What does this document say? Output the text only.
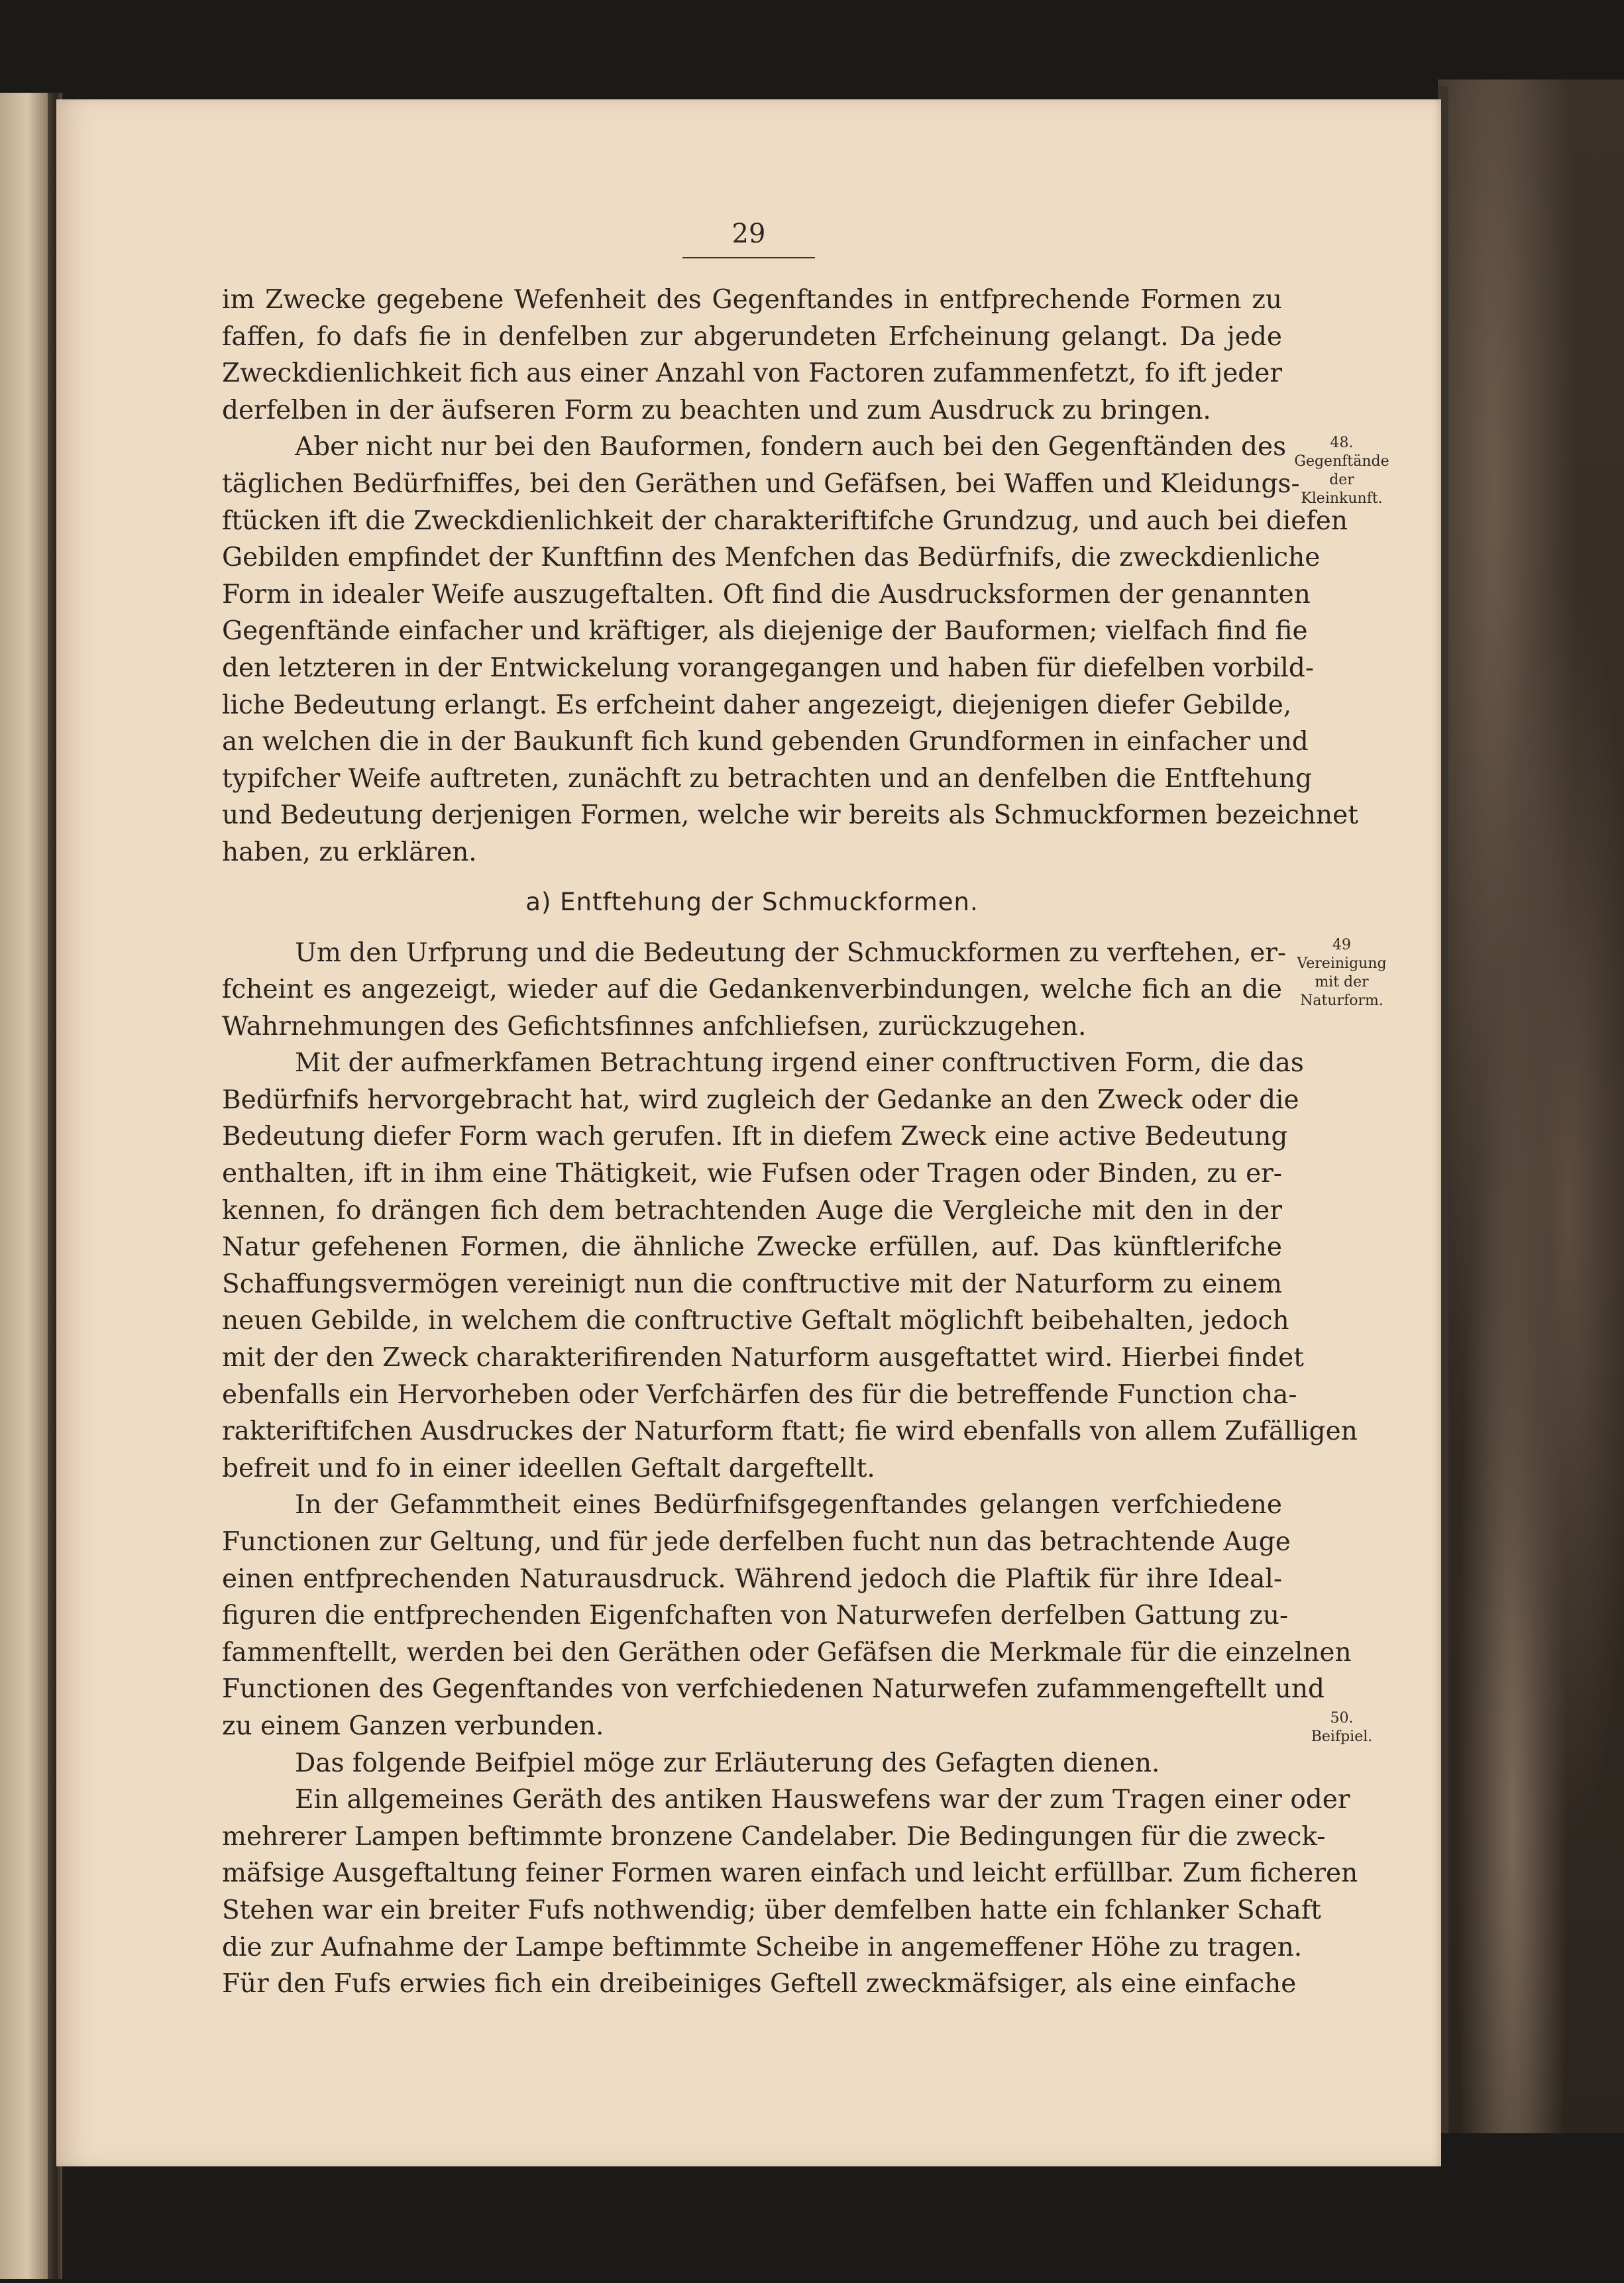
29
im Zwecke gegebene Wefenheit des Gegenftandes in entfprechende Formen zu
faffen, fo dafs fie in denfelben zur abgerundeten Erfcheinung gelangt. Da jede
Zweckdienlichkeit fich aus einer Anzahl von Factoren zufammenfetzt, fo ift jeder
derfelben in der äufseren Form zu beachten und zum Ausdruck zu bringen.
Aber nicht nur bei den Bauformen, fondern auch bei den Gegenftänden des
täglichen Bedürfniffes, bei den Geräthen und Gefäfsen, bei Waffen und Kleidungs-
ftücken ift die Zweckdienlichkeit der charakteriftifche Grundzug, und auch bei diefen
Gebilden empfindet der Kunftfinn des Menfchen das Bedürfnifs, die zweckdienliche
Form in idealer Weife auszugeftalten. Oft find die Ausdrucksformen der genannten
Gegenftände einfacher und kräftiger, als diejenige der Bauformen; vielfach find fie
den letzteren in der Entwickelung vorangegangen und haben für diefelben vorbild-
liche Bedeutung erlangt. Es erfcheint daher angezeigt, diejenigen diefer Gebilde,
an welchen die in der Baukunft fich kund gebenden Grundformen in einfacher und
typifcher Weife auftreten, zunächft zu betrachten und an denfelben die Entftehung
und Bedeutung derjenigen Formen, welche wir bereits als Schmuckformen bezeichnet
haben, zu erklären.
a) Entftehung der Schmuckformen.
Um den Urfprung und die Bedeutung der Schmuckformen zu verftehen, er-
fcheint es angezeigt, wieder auf die Gedankenverbindungen, welche fich an die
Wahrnehmungen des Gefichtsfinnes anfchliefsen, zurückzugehen.
Mit der aufmerkfamen Betrachtung irgend einer conftructiven Form, die das
Bedürfnifs hervorgebracht hat, wird zugleich der Gedanke an den Zweck oder die
Bedeutung diefer Form wach gerufen. Ift in diefem Zweck eine active Bedeutung
enthalten, ift in ihm eine Thätigkeit, wie Fufsen oder Tragen oder Binden, zu er-
kennen, fo drängen fich dem betrachtenden Auge die Vergleiche mit den in der
Natur gefehenen Formen, die ähnliche Zwecke erfüllen, auf. Das künftlerifche
Schaffungsvermögen vereinigt nun die conftructive mit der Naturform zu einem
neuen Gebilde, in welchem die conftructive Geftalt möglichft beibehalten, jedoch
mit der den Zweck charakterifirenden Naturform ausgeftattet wird. Hierbei findet
ebenfalls ein Hervorheben oder Verfchärfen des für die betreffende Function cha-
rakteriftifchen Ausdruckes der Naturform ftatt; fie wird ebenfalls von allem Zufälligen
befreit und fo in einer ideellen Geftalt dargeftellt.
In der Gefammtheit eines Bedürfnifsgegenftandes gelangen verfchiedene
Functionen zur Geltung, und für jede derfelben fucht nun das betrachtende Auge
einen entfprechenden Naturausdruck. Während jedoch die Plaftik für ihre Ideal-
figuren die entfprechenden Eigenfchaften von Naturwefen derfelben Gattung zu-
fammenftellt, werden bei den Geräthen oder Gefäfsen die Merkmale für die einzelnen
Functionen des Gegenftandes von verfchiedenen Naturwefen zufammengeftellt und
zu einem Ganzen verbunden.
Das folgende Beifpiel möge zur Erläuterung des Gefagten dienen.
Ein allgemeines Geräth des antiken Hauswefens war der zum Tragen einer oder
mehrerer Lampen beftimmte bronzene Candelaber. Die Bedingungen für die zweck-
mäfsige Ausgeftaltung feiner Formen waren einfach und leicht erfüllbar. Zum ficheren
Stehen war ein breiter Fufs nothwendig; über demfelben hatte ein fchlanker Schaft
die zur Aufnahme der Lampe beftimmte Scheibe in angemeffener Höhe zu tragen.
Für den Fufs erwies fich ein dreibeiniges Geftell zweckmäfsiger, als eine einfache
48.
Gegenftände
der
Kleinkunft.
49
Vereinigung
mit der
Naturform.
50.
Beifpiel.
